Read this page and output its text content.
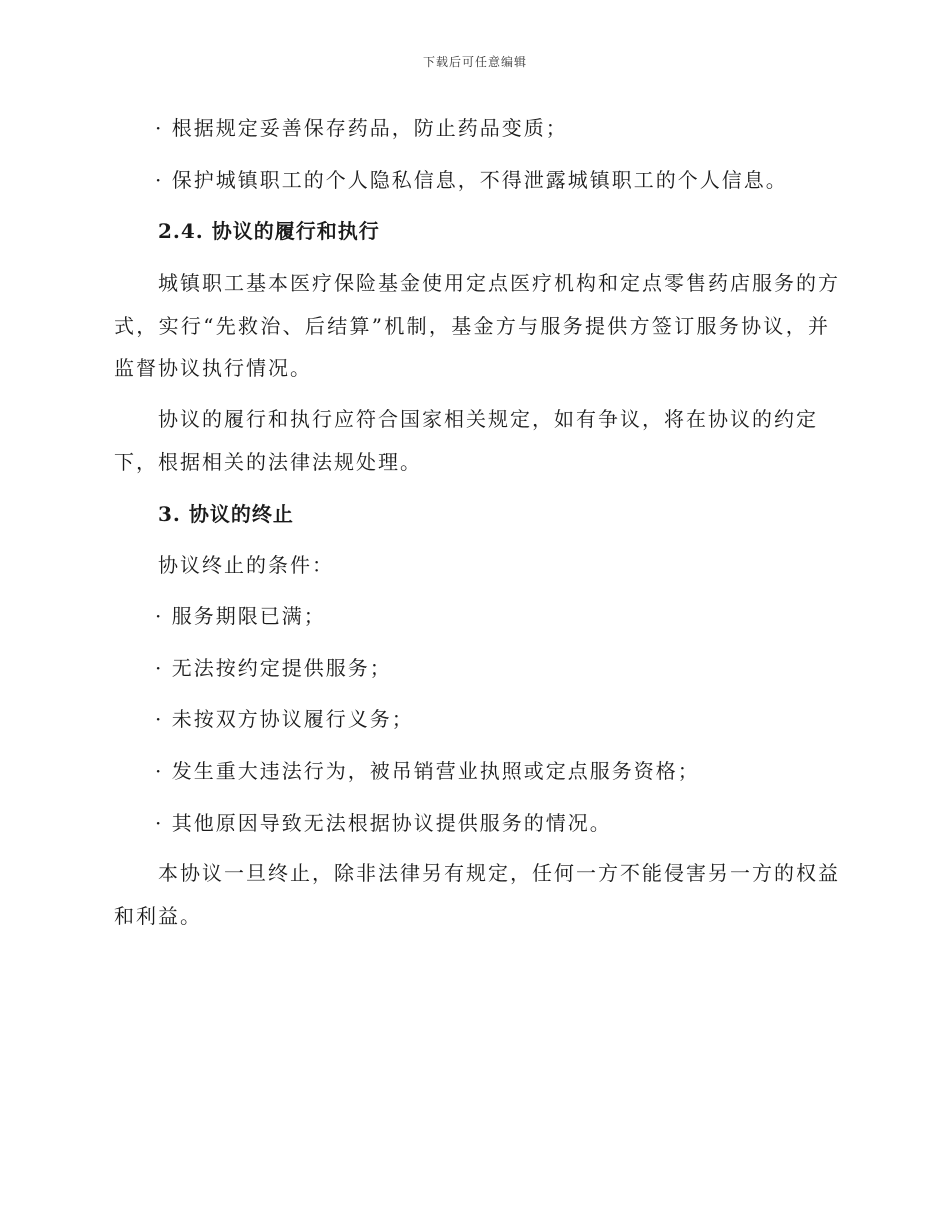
下载后可任意编辑
· 根据规定妥善保存药品，防止药品变质；
· 保护城镇职工的个人隐私信息，不得泄露城镇职工的个人信息。
2.4. 协议的履行和执行
城镇职工基本医疗保险基金使用定点医疗机构和定点零售药店服务的方
式，实行“先救治、后结算”机制，基金方与服务提供方签订服务协议，并
监督协议执行情况。
协议的履行和执行应符合国家相关规定，如有争议，将在协议的约定
下，根据相关的法律法规处理。
3. 协议的终止
协议终止的条件：
· 服务期限已满；
· 无法按约定提供服务；
· 未按双方协议履行义务；
· 发生重大违法行为，被吊销营业执照或定点服务资格；
· 其他原因导致无法根据协议提供服务的情况。
本协议一旦终止，除非法律另有规定，任何一方不能侵害另一方的权益
和利益。
